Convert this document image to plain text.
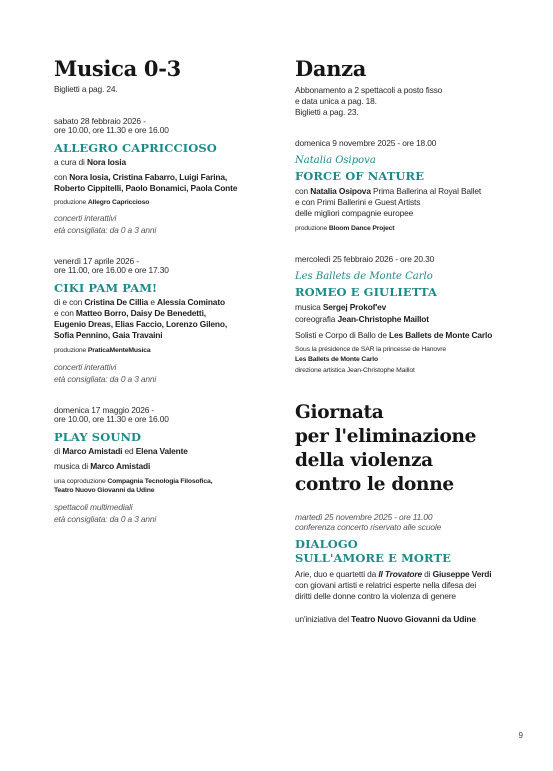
Musica 0-3
Biglietti a pag. 24.
sabato 28 febbraio 2026 -
ore 10.00, ore 11.30 e ore 16.00
ALLEGRO CAPRICCIOSO
a cura di Nora Iosia
con Nora Iosia, Cristina Fabarro, Luigi Farina,
Roberto Cippitelli, Paolo Bonamici, Paola Conte
produzione Allegro Capriccioso
concerti interattivi
età consigliata: da 0 a 3 anni
venerdì 17 aprile 2026 -
ore 11.00, ore 16.00 e ore 17.30
CIKI PAM PAM!
di e con Cristina De Cillia e Alessia Cominato
e con Matteo Borro, Daisy De Benedetti,
Eugenio Dreas, Elias Faccio, Lorenzo Gileno,
Sofia Pennino, Gaia Travaini
produzione PraticaMenteMusica
concerti interattivi
età consigliata: da 0 a 3 anni
domenica 17 maggio 2026 -
ore 10.00, ore 11.30 e ore 16.00
PLAY SOUND
di Marco Amistadi ed Elena Valente
musica di Marco Amistadi
una coproduzione Compagnia Tecnologia Filosofica,
Teatro Nuovo Giovanni da Udine
spettacoli multimediali
età consigliata: da 0 a 3 anni
Danza
Abbonamento a 2 spettacoli a posto fisso
e data unica a pag. 18.
Biglietti a pag. 23.
domenica 9 novembre 2025 - ore 18.00
Natalia Osipova
FORCE OF NATURE
con Natalia Osipova Prima Ballerina al Royal Ballet
e con Primi Ballerini e Guest Artists
delle migliori compagnie europee
produzione Bloom Dance Project
mercoledì 25 febbraio 2026 - ore 20.30
Les Ballets de Monte Carlo
ROMEO E GIULIETTA
musica Sergej Prokof'ev
coreografia Jean-Christophe Maillot
Solisti e Corpo di Ballo de Les Ballets de Monte Carlo
Sous la présidence de SAR la princesse de Hanovre
Les Ballets de Monte Carlo
direzione artistica Jean-Christophe Maillot
Giornata
per l'eliminazione
della violenza
contro le donne
martedì 25 novembre 2025 - ore 11.00
conferenza concerto riservato alle scuole
DIALOGO
SULL'AMORE E MORTE
Arie, duo e quartetti da Il Trovatore di Giuseppe Verdi
con giovani artisti e relatrici esperte nella difesa dei
diritti delle donne contro la violenza di genere
un'iniziativa del Teatro Nuovo Giovanni da Udine
9
